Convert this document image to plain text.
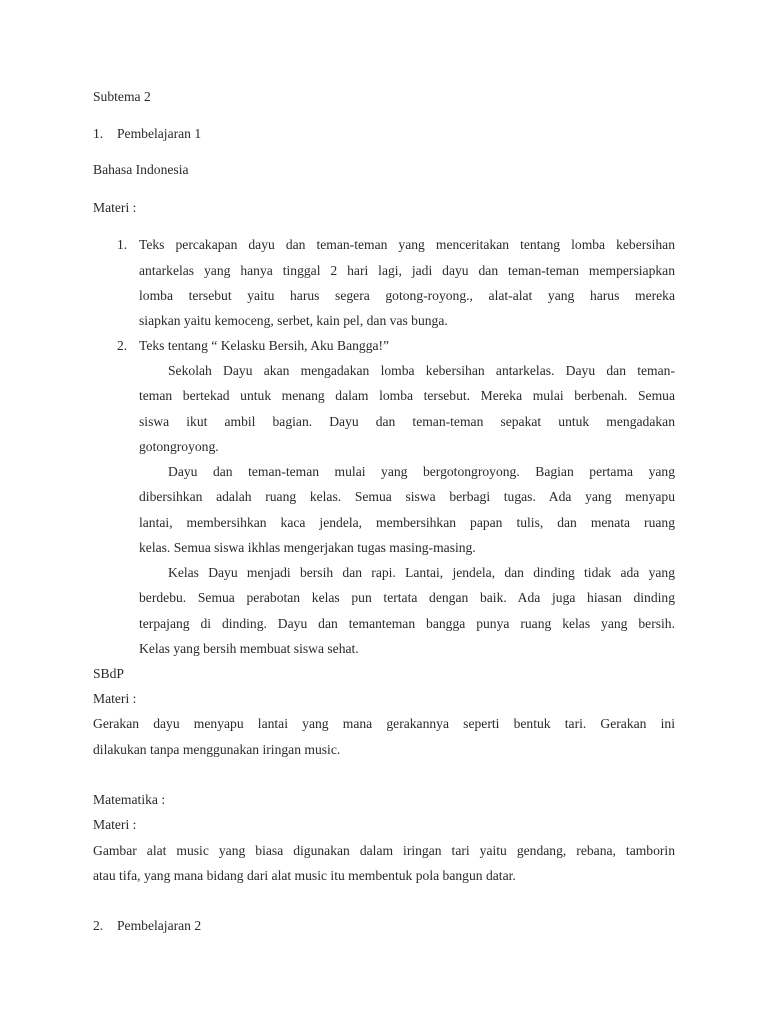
Subtema 2
1. Pembelajaran 1
Bahasa Indonesia
Materi :
1. Teks percakapan dayu dan teman-teman yang menceritakan tentang lomba kebersihan
antarkelas yang hanya tinggal 2 hari lagi, jadi dayu dan teman-teman mempersiapkan
lomba tersebut yaitu harus segera gotong-royong., alat-alat yang harus mereka
siapkan yaitu kemoceng, serbet, kain pel, dan vas bunga.
2. Teks tentang “ Kelasku Bersih, Aku Bangga!”
Sekolah Dayu akan mengadakan lomba kebersihan antarkelas. Dayu dan teman-
teman bertekad untuk menang dalam lomba tersebut. Mereka mulai berbenah. Semua
siswa ikut ambil bagian. Dayu dan teman-teman sepakat untuk mengadakan
gotongroyong.
Dayu dan teman-teman mulai yang bergotongroyong. Bagian pertama yang
dibersihkan adalah ruang kelas. Semua siswa berbagi tugas. Ada yang menyapu
lantai, membersihkan kaca jendela, membersihkan papan tulis, dan menata ruang
kelas. Semua siswa ikhlas mengerjakan tugas masing-masing.
Kelas Dayu menjadi bersih dan rapi. Lantai, jendela, dan dinding tidak ada yang
berdebu. Semua perabotan kelas pun tertata dengan baik. Ada juga hiasan dinding
terpajang di dinding. Dayu dan temanteman bangga punya ruang kelas yang bersih.
Kelas yang bersih membuat siswa sehat.
SBdP
Materi :
Gerakan dayu menyapu lantai yang mana gerakannya seperti bentuk tari. Gerakan ini
dilakukan tanpa menggunakan iringan music.
Matematika :
Materi :
Gambar alat music yang biasa digunakan dalam iringan tari yaitu gendang, rebana, tamborin
atau tifa, yang mana bidang dari alat music itu membentuk pola bangun datar.
2. Pembelajaran 2
